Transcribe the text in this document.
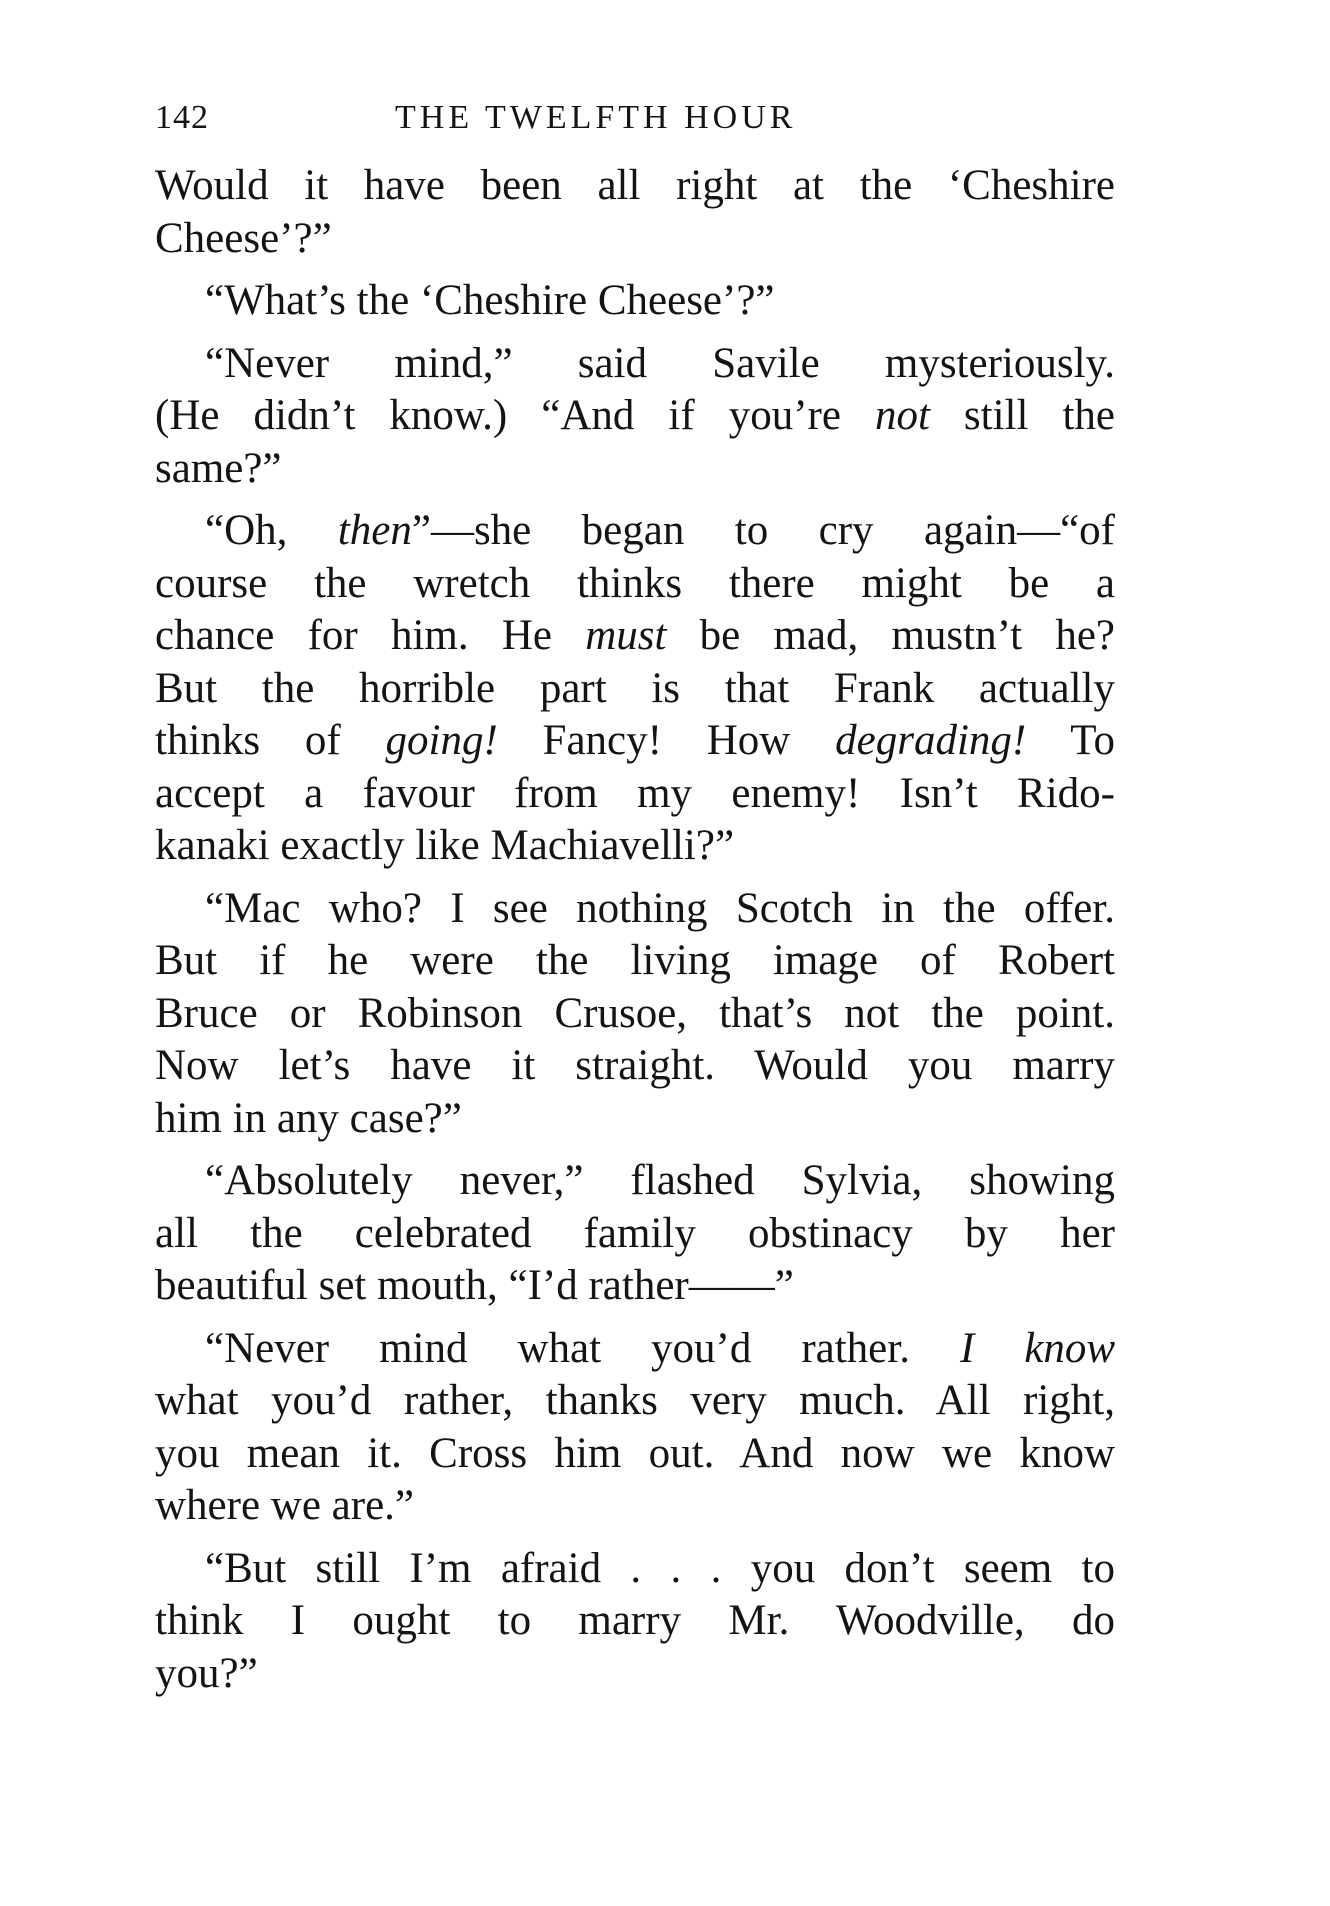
142	THE TWELFTH HOUR
Would it have been all right at the ‘Cheshire
Cheese’?”
“What’s the ‘Cheshire Cheese’?”
“Never mind,” said Savile mysteriously.
(He didn’t know.) “And if you’re not still the
same?”
“Oh, then”—she began to cry again—“of
course the wretch thinks there might be a
chance for him. He must be mad, mustn’t he?
But the horrible part is that Frank actually
thinks of going! Fancy! How degrading! To
accept a favour from my enemy! Isn’t Rido-
kanaki exactly like Machiavelli?”
“Mac who? I see nothing Scotch in the offer.
But if he were the living image of Robert
Bruce or Robinson Crusoe, that’s not the point.
Now let’s have it straight. Would you marry
him in any case?”
“Absolutely never,” flashed Sylvia, showing
all the celebrated family obstinacy by her
beautiful set mouth, “I’d rather——”
“Never mind what you’d rather. I know
what you’d rather, thanks very much. All right,
you mean it. Cross him out. And now we know
where we are.”
“But still I’m afraid . . . you don’t seem to
think I ought to marry Mr. Woodville, do
you?”
